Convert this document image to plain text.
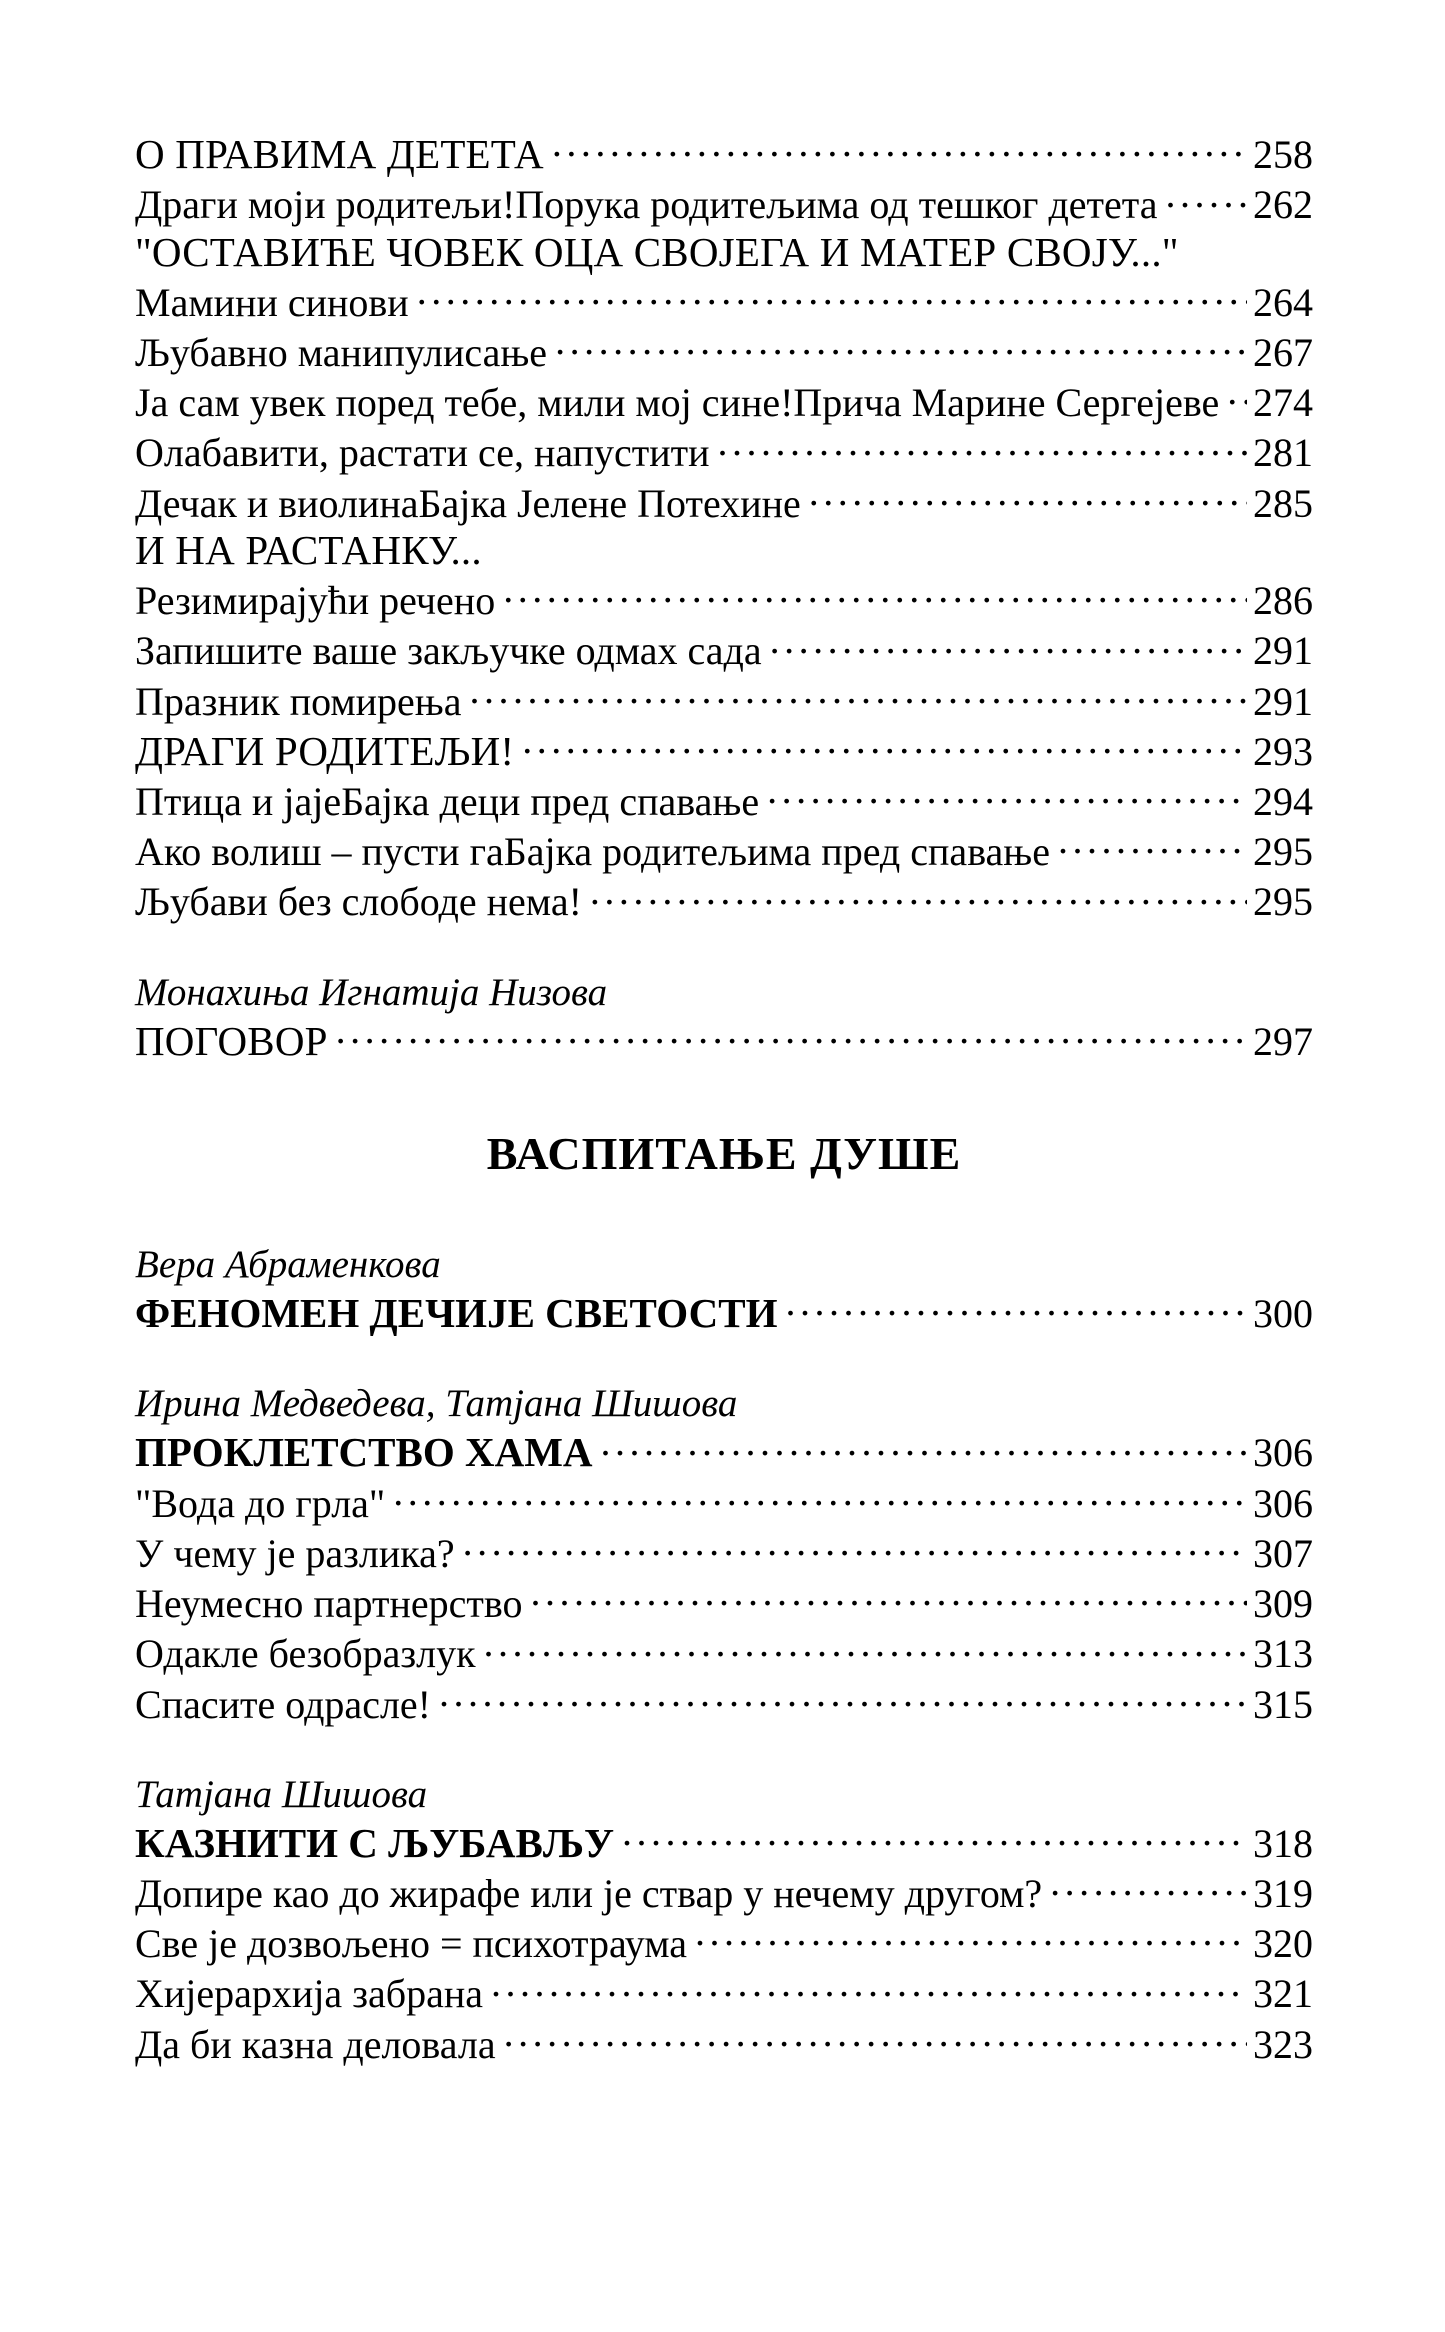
О ПРАВИМА ДЕТЕТА .....	258
Драги моји родитељи!Порука родитељима од тешког детета ..... 262
"ОСТАВИЋЕ ЧОВЕК ОЦА СВОЈЕГА И МАТЕР СВОЈУ..."
Мамини синови .....	264
Љубавно манипулисање .....	267
Ја сам увек поред тебе, мили мој сине!Прича Марине Сергејеве ..... 274
Олабавити, растати се, напустити .....	281
Дечак и виолинаБајка Јелене Потехине .....	285
И НА РАСТАНКУ...
Резимирајући речено .....	286
Запишите ваше закључке одмах сада .....	291
Празник помирења .....	291
ДРАГИ РОДИТЕЉИ! .....	293
Птица и јајеБајка деци пред спавање .....	294
Ако волиш – пусти гаБајка родитељима пред спавање .....	295
Љубави без слободе нема! .....	295
Монахиња Игнатија Низова
ПОГОВОР .....	297
ВАСПИТАЊЕ ДУШЕ
Вера Абраменкова
ФЕНОМЕН ДЕЧИЈЕ СВЕТОСТИ .....	300
Ирина Медведева, Татјана Шишова
ПРОКЛЕТСТВО ХАМА .....	306
"Вода до грла" .....	306
У чему је разлика? .....	307
Неумесно партнерство .....	309
Одакле безобразлук .....	313
Спасите одрасле! .....	315
Татјана Шишова
КАЗНИТИ С ЉУБАВЉУ .....	318
Допире као до жирафе или је ствар у нечему другом? .....	319
Све је дозвољено = психотраума .....	320
Хијерархија забрана .....	321
Да би казна деловала .....	323
